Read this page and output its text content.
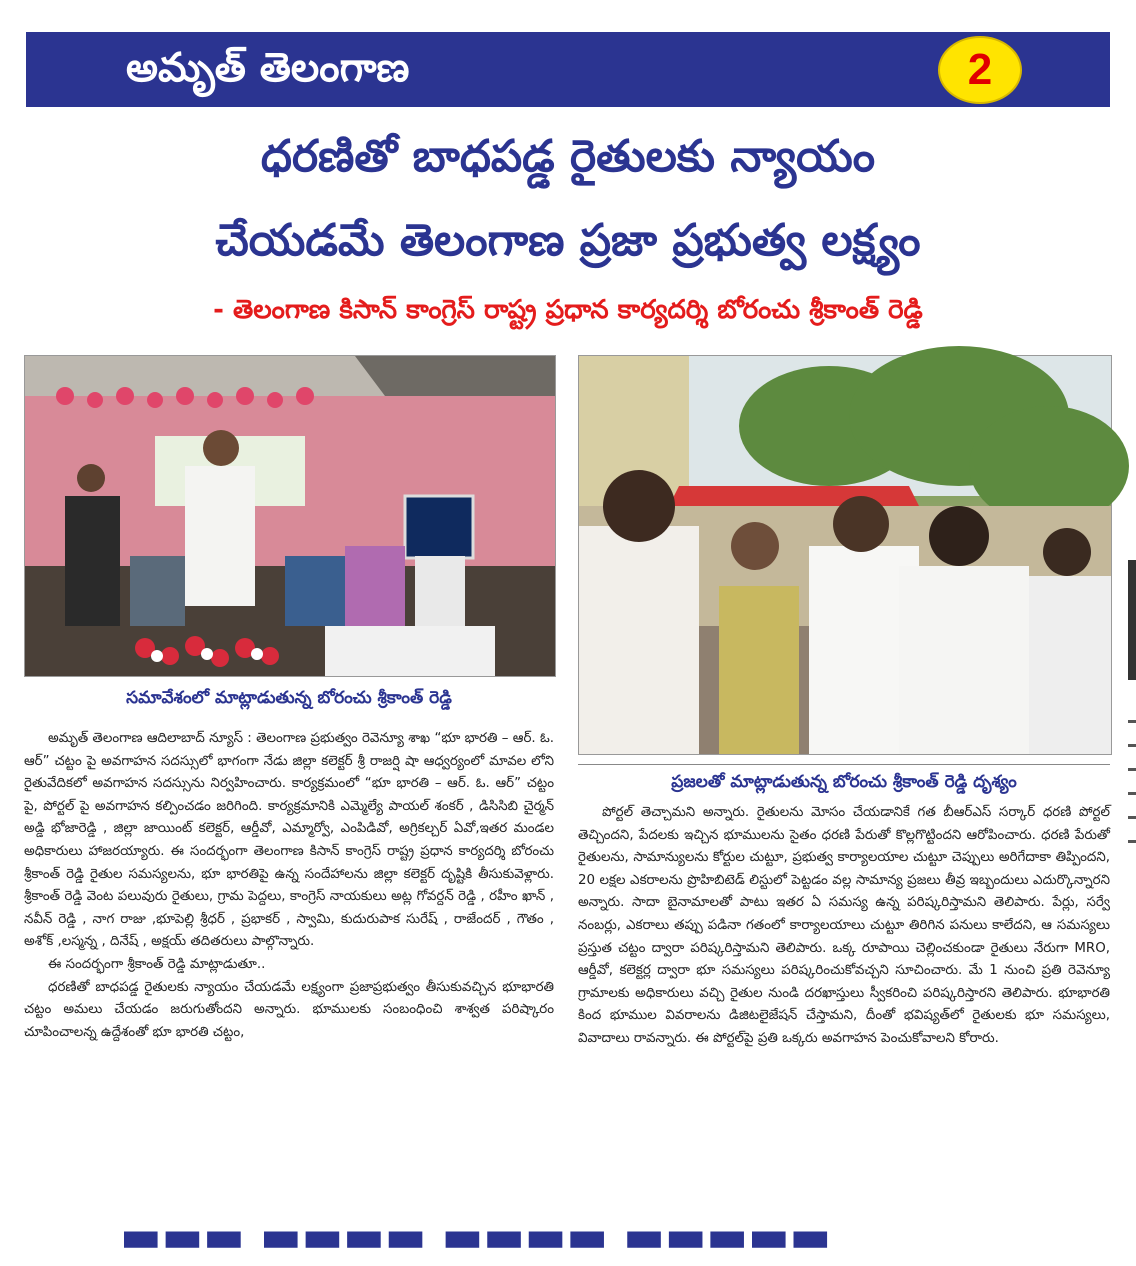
అమృత్ తెలంగాణ	2
ధరణితో బాధపడ్డ రైతులకు న్యాయం
చేయడమే తెలంగాణ ప్రజా ప్రభుత్వ లక్ష్యం
- తెలంగాణ కిసాన్ కాంగ్రెస్ రాష్ట్ర ప్రధాన కార్యదర్శి బోరంచు శ్రీకాంత్ రెడ్డి
సమావేశంలో మాట్లాడుతున్న బోరంచు శ్రీకాంత్ రెడ్డి
ప్రజలతో మాట్లాడుతున్న బోరంచు శ్రీకాంత్ రెడ్డి దృశ్యం

అమృత్ తెలంగాణ ఆదిలాబాద్ న్యూస్ : తెలంగాణ ప్రభుత్వం రెవెన్యూ శాఖ “భూ భారతి – ఆర్. ఓ. ఆర్” చట్టం పై అవగాహన సదస్సులో భాగంగా నేడు జిల్లా కలెక్టర్ శ్రీ రాజర్షి షా ఆధ్వర్యంలో మావల లోని రైతువేదికలో అవగాహన సదస్సును నిర్వహించారు. కార్యక్రమంలో “భూ భారతి – ఆర్. ఓ. ఆర్” చట్టం పై, పోర్టల్ పై అవగాహన కల్పించడం జరిగింది. కార్యక్రమానికి ఎమ్మెల్యే పాయల్ శంకర్ , డిసిసిబి చైర్మన్ అడ్డి భోజారెడ్డి , జిల్లా జాయింట్ కలెక్టర్, ఆర్డీవో, ఎమ్మార్వో, ఎంపిడివో, అగ్రికల్చర్ ఏవో,ఇతర మండల అధికారులు హాజరయ్యారు. ఈ సందర్భంగా తెలంగాణ కిసాన్ కాంగ్రెస్ రాష్ట్ర ప్రధాన కార్యదర్శి బోరంచు శ్రీకాంత్ రెడ్డి రైతుల సమస్యలను, భూ భారతిపై ఉన్న సందేహాలను జిల్లా కలెక్టర్ దృష్టికి తీసుకువెళ్లారు. శ్రీకాంత్ రెడ్డి వెంట పలువురు రైతులు, గ్రామ పెద్దలు, కాంగ్రెస్ నాయకులు అట్ల గోవర్దన్ రెడ్డి , రహీం ఖాన్ , నవీన్ రెడ్డి , నాగ రాజు ,భూపెల్లి శ్రీధర్ , ప్రభాకర్ , స్వామి, కుదురుపాక సురేష్ , రాజేందర్ , గౌతం , అశోక్ ,లస్మన్న , దినేష్ , అక్షయ్ తదితరులు పాల్గొన్నారు.

ఈ సందర్భంగా శ్రీకాంత్ రెడ్డి మాట్లాడుతూ..

ధరణితో బాధపడ్డ రైతులకు న్యాయం చేయడమే లక్ష్యంగా ప్రజాప్రభుత్వం తీసుకువచ్చిన భూభారతి చట్టం అమలు చేయడం జరుగుతోందని అన్నారు. భూములకు సంబంధించి శాశ్వత పరిష్కారం చూపించాలన్న ఉద్దేశంతో భూ భారతి చట్టం,

పోర్టల్ తెచ్చామని అన్నారు. రైతులను మోసం చేయడానికే గత బీఆర్ఎస్ సర్కార్ ధరణి పోర్టల్ తెచ్చిందని, పేదలకు ఇచ్చిన భూములను సైతం ధరణి పేరుతో కొల్లగొట్టిందని ఆరోపించారు. ధరణి పేరుతో రైతులను, సామాన్యులను కోర్టుల చుట్టూ, ప్రభుత్వ కార్యాలయాల చుట్టూ చెప్పులు అరిగేదాకా తిప్పిందని, 20 లక్షల ఎకరాలను ప్రొహిబిటెడ్ లిస్టులో పెట్టడం వల్ల సామాన్య ప్రజలు తీవ్ర ఇబ్బందులు ఎదుర్కొన్నారని అన్నారు. సాదా బైనామాలతో పాటు ఇతర ఏ సమస్య ఉన్న పరిష్కరిస్తామని తెలిపారు. పేర్లు, సర్వే నంబర్లు, ఎకరాలు తప్పు పడినా గతంలో కార్యాలయాలు చుట్టూ తిరిగిన పనులు కాలేదని, ఆ సమస్యలు ప్రస్తుత చట్టం ద్వారా పరిష్కరిస్తామని తెలిపారు. ఒక్క రూపాయి చెల్లించకుండా రైతులు నేరుగా MRO, ఆర్డీవో, కలెక్టర్ల ద్వారా భూ సమస్యలు పరిష్కరించుకోవచ్చని సూచించారు. మే 1 నుంచి ప్రతి రెవెన్యూ గ్రామాలకు అధికారులు వచ్చి రైతుల నుండి దరఖాస్తులు స్వీకరించి పరిష్కరిస్తారని తెలిపారు. భూభారతి కింద భూముల వివరాలను డిజిటలైజేషన్ చేస్తామని, దీంతో భవిష్యత్‌లో రైతులకు భూ సమస్యలు, వివాదాలు రావన్నారు. ఈ పోర్టల్‌పై ప్రతి ఒక్కరు అవగాహన పెంచుకోవాలని కోరారు.

▬▬▬ ▬▬▬▬ ▬▬▬▬ ▬▬▬▬▬
